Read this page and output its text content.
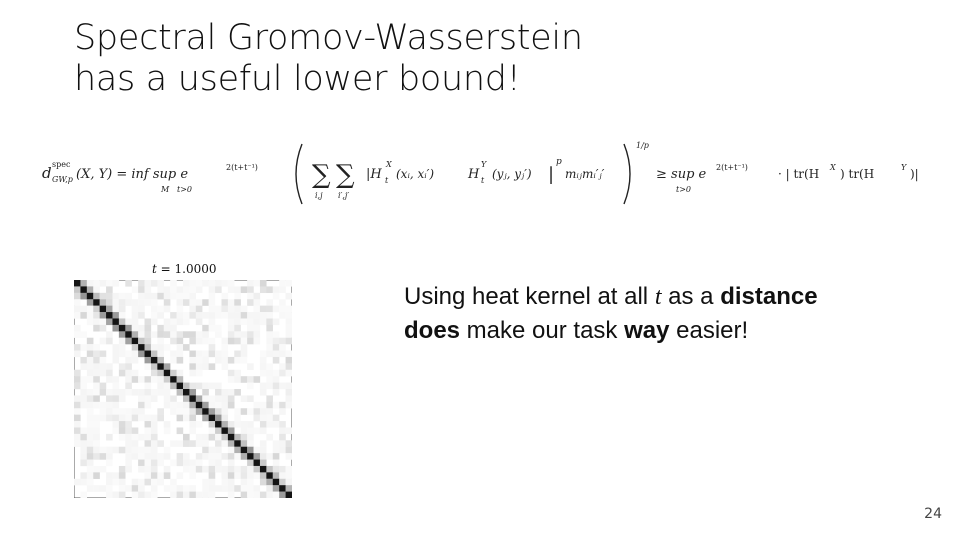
Spectral Gromov-Wasserstein
has a useful lower bound!
d spec
GW,p (X, Y) = inf sup e
M t>0
2(t+t⁻¹) ∑ ∑
i,j i′,j′
|H
X
t (xᵢ, xᵢ′)	H
Y
t (yⱼ, yⱼ′) |
p
mᵢⱼmᵢ′ⱼ′
1/p
≥ sup e
t>0
2(t+t⁻¹)	· | tr(H X ) tr(H	Y )|
t = 1.0000

Using heat kernel at all t as a distance

does make our task way easier!

24
